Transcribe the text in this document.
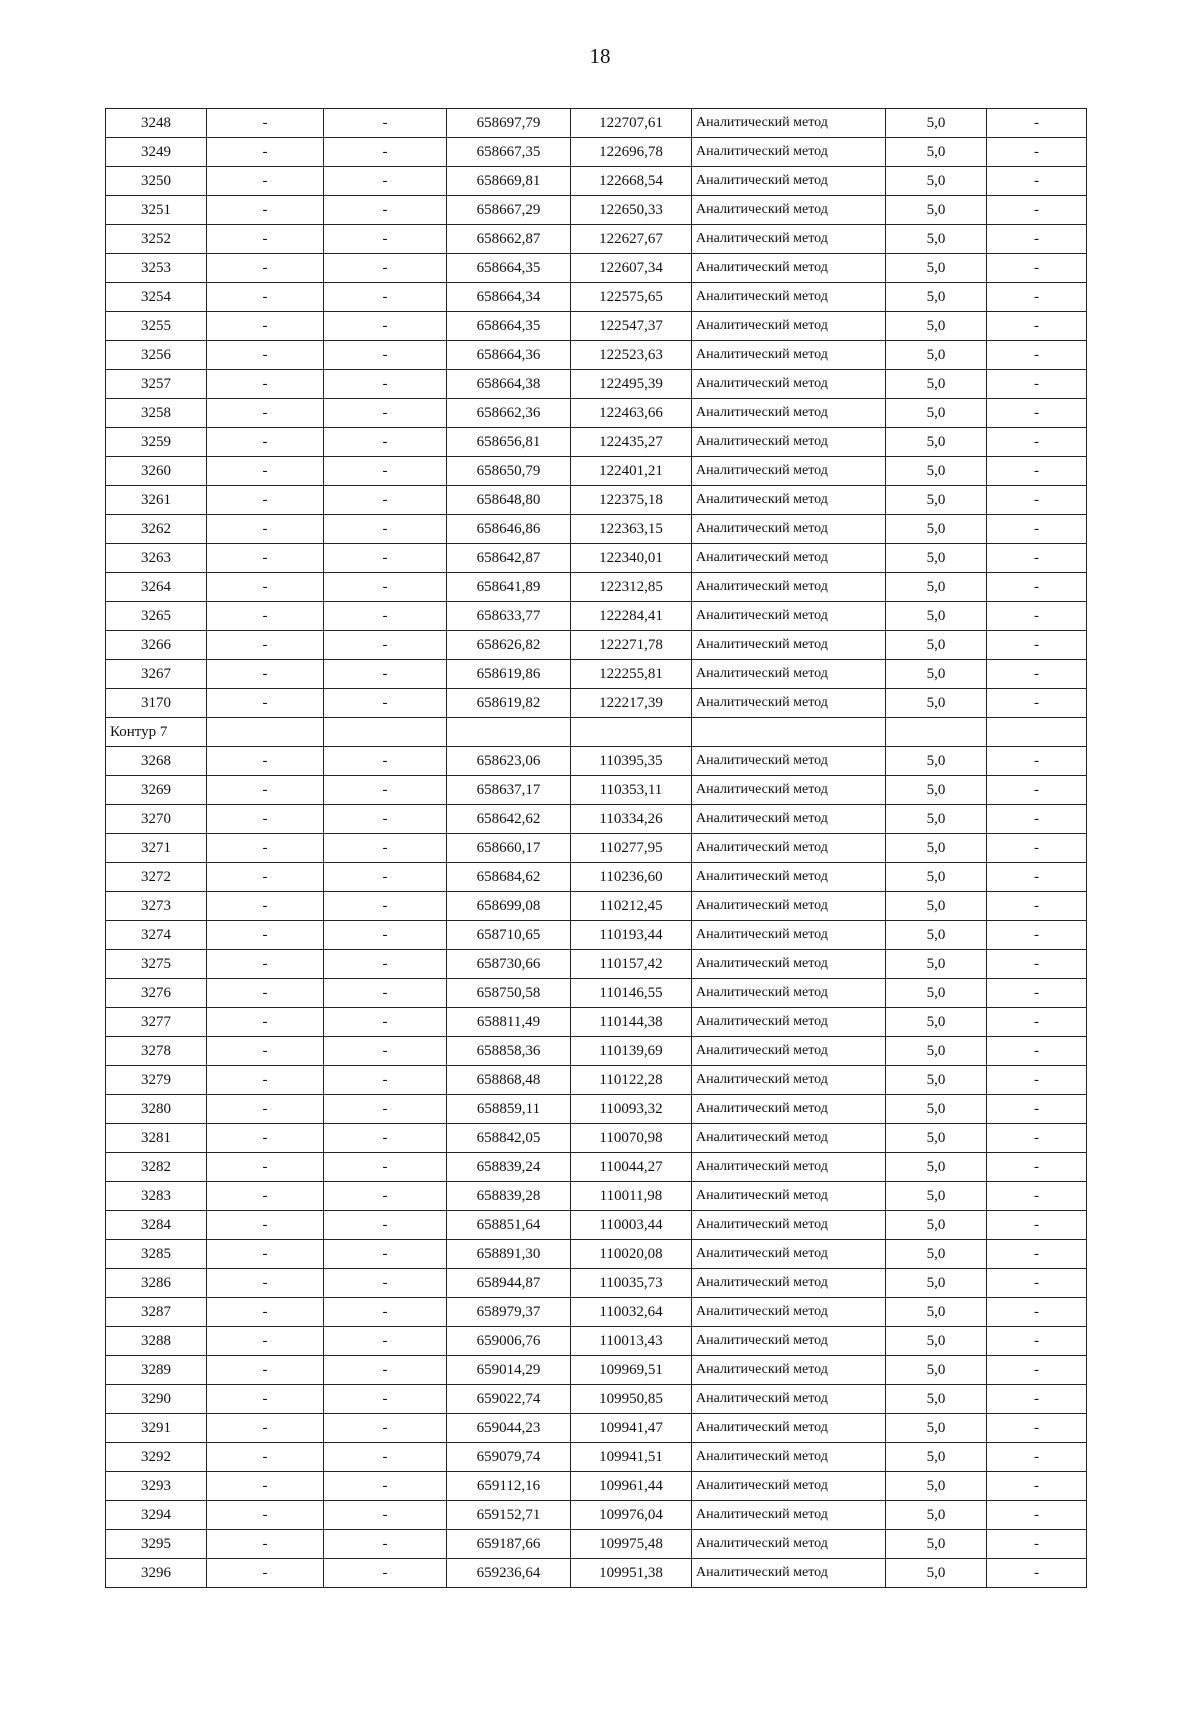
18
3248	-	-	658697,79	122707,61	Аналитический метод	5,0	-
3249	-	-	658667,35	122696,78	Аналитический метод	5,0	-
3250	-	-	658669,81	122668,54	Аналитический метод	5,0	-
3251	-	-	658667,29	122650,33	Аналитический метод	5,0	-
3252	-	-	658662,87	122627,67	Аналитический метод	5,0	-
3253	-	-	658664,35	122607,34	Аналитический метод	5,0	-
3254	-	-	658664,34	122575,65	Аналитический метод	5,0	-
3255	-	-	658664,35	122547,37	Аналитический метод	5,0	-
3256	-	-	658664,36	122523,63	Аналитический метод	5,0	-
3257	-	-	658664,38	122495,39	Аналитический метод	5,0	-
3258	-	-	658662,36	122463,66	Аналитический метод	5,0	-
3259	-	-	658656,81	122435,27	Аналитический метод	5,0	-
3260	-	-	658650,79	122401,21	Аналитический метод	5,0	-
3261	-	-	658648,80	122375,18	Аналитический метод	5,0	-
3262	-	-	658646,86	122363,15	Аналитический метод	5,0	-
3263	-	-	658642,87	122340,01	Аналитический метод	5,0	-
3264	-	-	658641,89	122312,85	Аналитический метод	5,0	-
3265	-	-	658633,77	122284,41	Аналитический метод	5,0	-
3266	-	-	658626,82	122271,78	Аналитический метод	5,0	-
3267	-	-	658619,86	122255,81	Аналитический метод	5,0	-
3170	-	-	658619,82	122217,39	Аналитический метод	5,0	-
Контур 7							
3268	-	-	658623,06	110395,35	Аналитический метод	5,0	-
3269	-	-	658637,17	110353,11	Аналитический метод	5,0	-
3270	-	-	658642,62	110334,26	Аналитический метод	5,0	-
3271	-	-	658660,17	110277,95	Аналитический метод	5,0	-
3272	-	-	658684,62	110236,60	Аналитический метод	5,0	-
3273	-	-	658699,08	110212,45	Аналитический метод	5,0	-
3274	-	-	658710,65	110193,44	Аналитический метод	5,0	-
3275	-	-	658730,66	110157,42	Аналитический метод	5,0	-
3276	-	-	658750,58	110146,55	Аналитический метод	5,0	-
3277	-	-	658811,49	110144,38	Аналитический метод	5,0	-
3278	-	-	658858,36	110139,69	Аналитический метод	5,0	-
3279	-	-	658868,48	110122,28	Аналитический метод	5,0	-
3280	-	-	658859,11	110093,32	Аналитический метод	5,0	-
3281	-	-	658842,05	110070,98	Аналитический метод	5,0	-
3282	-	-	658839,24	110044,27	Аналитический метод	5,0	-
3283	-	-	658839,28	110011,98	Аналитический метод	5,0	-
3284	-	-	658851,64	110003,44	Аналитический метод	5,0	-
3285	-	-	658891,30	110020,08	Аналитический метод	5,0	-
3286	-	-	658944,87	110035,73	Аналитический метод	5,0	-
3287	-	-	658979,37	110032,64	Аналитический метод	5,0	-
3288	-	-	659006,76	110013,43	Аналитический метод	5,0	-
3289	-	-	659014,29	109969,51	Аналитический метод	5,0	-
3290	-	-	659022,74	109950,85	Аналитический метод	5,0	-
3291	-	-	659044,23	109941,47	Аналитический метод	5,0	-
3292	-	-	659079,74	109941,51	Аналитический метод	5,0	-
3293	-	-	659112,16	109961,44	Аналитический метод	5,0	-
3294	-	-	659152,71	109976,04	Аналитический метод	5,0	-
3295	-	-	659187,66	109975,48	Аналитический метод	5,0	-
3296	-	-	659236,64	109951,38	Аналитический метод	5,0	-
